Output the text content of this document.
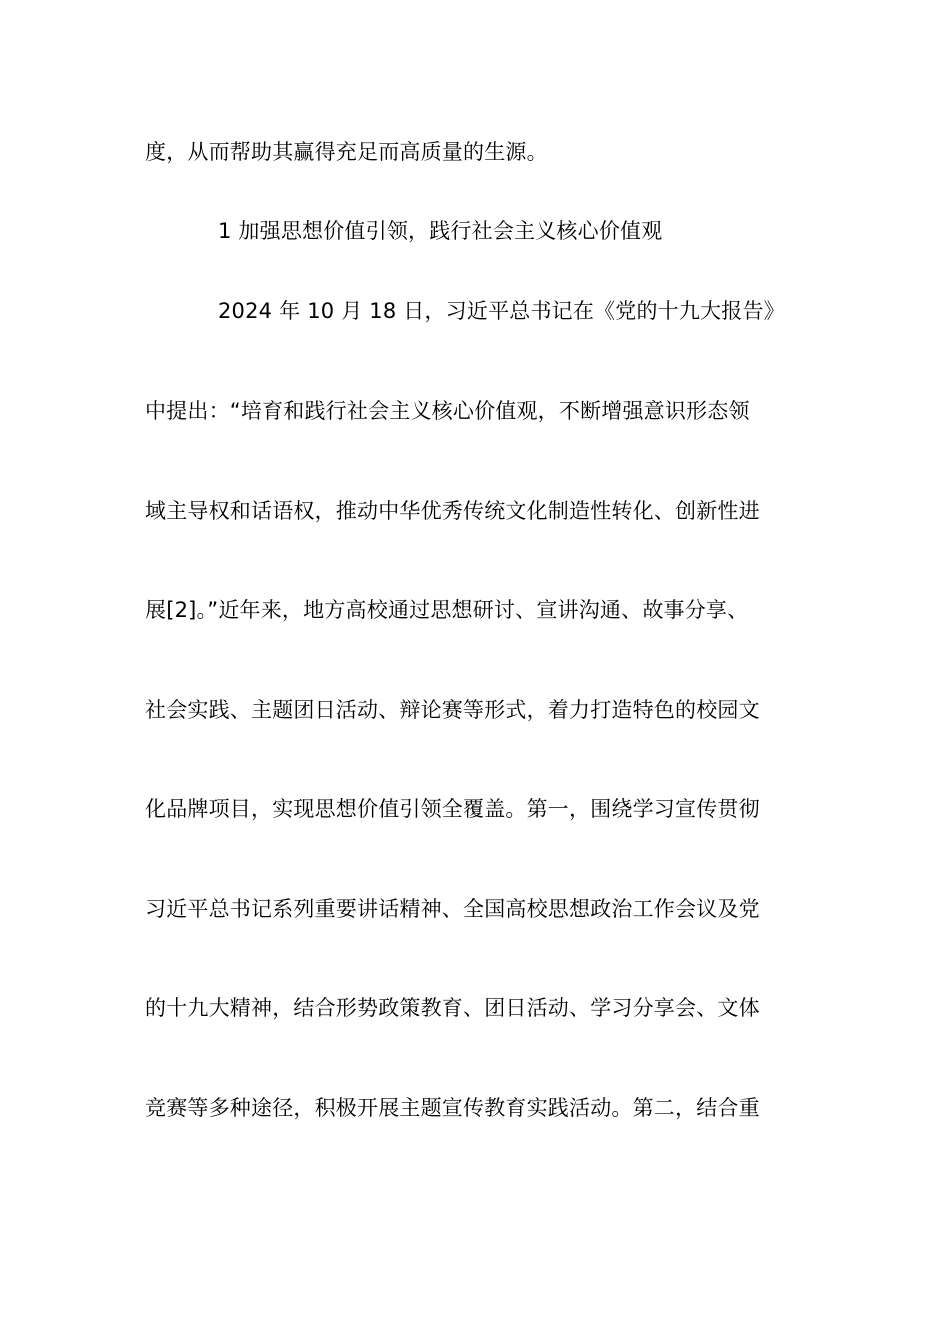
度，从而帮助其赢得充足而高质量的生源。
1 加强思想价值引领，践行社会主义核心价值观
2024 年 10 月 18 日，习近平总书记在《党的十九大报告》
中提出：“培育和践行社会主义核心价值观，不断增强意识形态领
域主导权和话语权，推动中华优秀传统文化制造性转化、创新性进
展[2]。”近年来，地方高校通过思想研讨、宣讲沟通、故事分享、
社会实践、主题团日活动、辩论赛等形式，着力打造特色的校园文
化品牌项目，实现思想价值引领全覆盖。第一，围绕学习宣传贯彻
习近平总书记系列重要讲话精神、全国高校思想政治工作会议及党
的十九大精神，结合形势政策教育、团日活动、学习分享会、文体
竞赛等多种途径，积极开展主题宣传教育实践活动。第二，结合重
